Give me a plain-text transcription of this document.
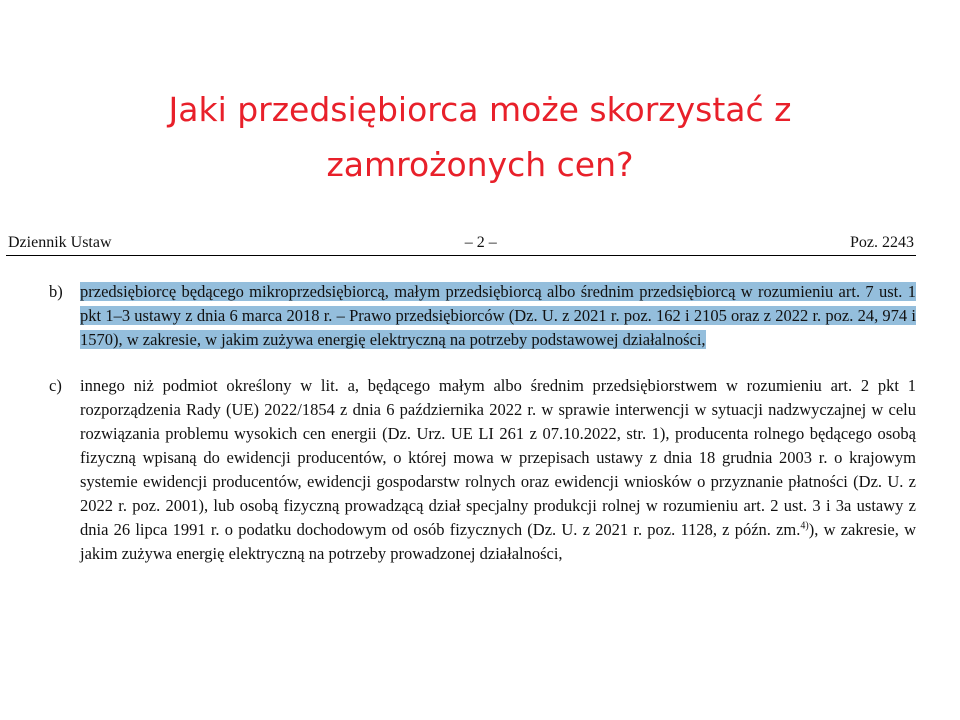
Jaki przedsiębiorca może skorzystać z
zamrożonych cen?
Dziennik Ustaw	– 2 –	Poz. 2243
b) przedsiębiorcę będącego mikroprzedsiębiorcą, małym przedsiębiorcą albo średnim przedsiębiorcą w rozumieniu art. 7 ust. 1 pkt 1–3 ustawy z dnia 6 marca 2018 r. – Prawo przedsiębiorców (Dz. U. z 2021 r. poz. 162 i 2105 oraz z 2022 r. poz. 24, 974 i 1570), w zakresie, w jakim zużywa energię elektryczną na potrzeby podstawowej działalności,
c) innego niż podmiot określony w lit. a, będącego małym albo średnim przedsiębiorstwem w rozumieniu art. 2 pkt 1 rozporządzenia Rady (UE) 2022/1854 z dnia 6 października 2022 r. w sprawie interwencji w sytuacji nadzwyczajnej w celu rozwiązania problemu wysokich cen energii (Dz. Urz. UE LI 261 z 07.10.2022, str. 1), producenta rolnego będącego osobą fizyczną wpisaną do ewidencji producentów, o której mowa w przepisach ustawy z dnia 18 grudnia 2003 r. o krajowym systemie ewidencji producentów, ewidencji gospodarstw rolnych oraz ewidencji wniosków o przyznanie płatności (Dz. U. z 2022 r. poz. 2001), lub osobą fizyczną prowadzącą dział specjalny produkcji rolnej w rozumieniu art. 2 ust. 3 i 3a ustawy z dnia 26 lipca 1991 r. o podatku dochodowym od osób fizycznych (Dz. U. z 2021 r. poz. 1128, z późn. zm.$^{4)}$), w zakresie, w jakim zużywa energię elektryczną na potrzeby prowadzonej działalności,
